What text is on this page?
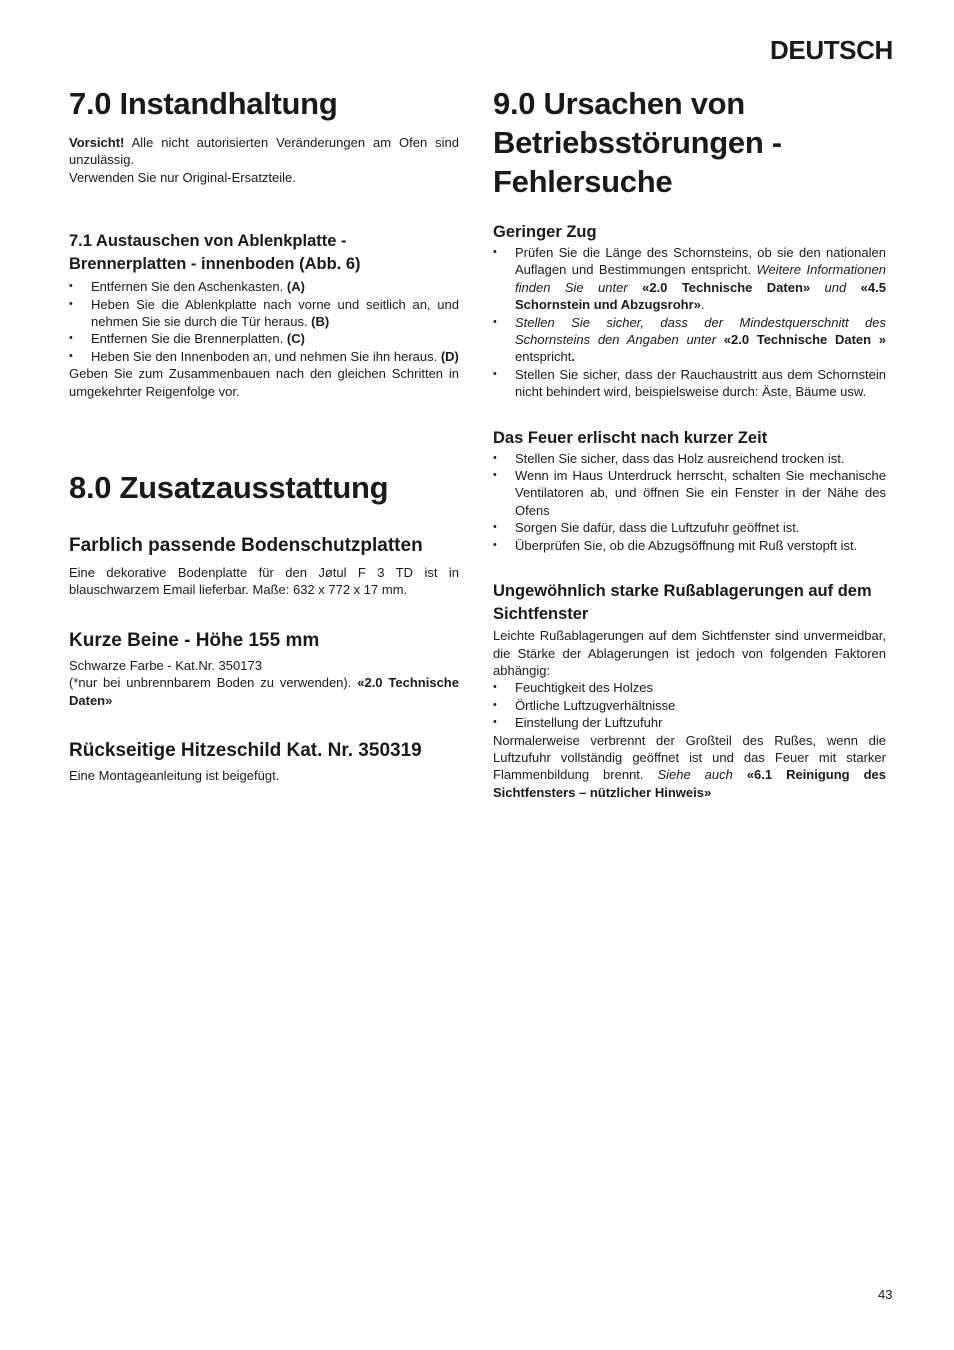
DEUTSCH
7.0 Instandhaltung

Vorsicht! Alle nicht autorisierten Veränderungen am Ofen sind unzulässig.
Verwenden Sie nur Original-Ersatzteile.

7.1 Austauschen von Ablenkplatte - Brennerplatten - innenboden (Abb. 6)
• Entfernen Sie den Aschenkasten. (A)
• Heben Sie die Ablenkplatte nach vorne und seitlich an, und nehmen Sie sie durch die Tür heraus. (B)
• Entfernen Sie die Brennerplatten. (C)
• Heben Sie den Innenboden an, und nehmen Sie ihn heraus. (D)

Geben Sie zum Zusammenbauen nach den gleichen Schritten in umgekehrter Reigenfolge vor.

8.0 Zusatzausstattung
Farblich passende Bodenschutzplatten

Eine dekorative Bodenplatte für den Jøtul F 3 TD ist in blauschwarzem Email lieferbar. Maße: 632 x 772 x 17 mm.

Kurze Beine - Höhe 155 mm

Schwarze Farbe - Kat.Nr. 350173
(*nur bei unbrennbarem Boden zu verwenden). «2.0 Technische Daten»

Rückseitige Hitzeschild Kat. Nr. 350319

Eine Montageanleitung ist beigefügt.

9.0 Ursachen von Betriebsstörungen - Fehlersuche
Geringer Zug
• Prüfen Sie die Länge des Schornsteins, ob sie den nationalen Auflagen und Bestimmungen entspricht. Weitere Informationen finden Sie unter «2.0 Technische Daten» und «4.5 Schornstein und Abzugsrohr».
• Stellen Sie sicher, dass der Mindestquerschnitt des Schornsteins den Angaben unter «2.0 Technische Daten » entspricht.
• Stellen Sie sicher, dass der Rauchaustritt aus dem Schornstein nicht behindert wird, beispielsweise durch: Äste, Bäume usw.
Das Feuer erlischt nach kurzer Zeit
• Stellen Sie sicher, dass das Holz ausreichend trocken ist.
• Wenn im Haus Unterdruck herrscht, schalten Sie mechanische Ventilatoren ab, und öffnen Sie ein Fenster in der Nähe des Ofens
• Sorgen Sie dafür, dass die Luftzufuhr geöffnet ist.
• Überprüfen Sie, ob die Abzugsöffnung mit Ruß verstopft ist.
Ungewöhnlich starke Rußablagerungen auf dem Sichtfenster

Leichte Rußablagerungen auf dem Sichtfenster sind unvermeidbar, die Stärke der Ablagerungen ist jedoch von folgenden Faktoren abhängig:

• Feuchtigkeit des Holzes
• Örtliche Luftzugverhältnisse
• Einstellung der Luftzufuhr

Normalerweise verbrennt der Großteil des Rußes, wenn die Luftzufuhr vollständig geöffnet ist und das Feuer mit starker Flammenbildung brennt. Siehe auch «6.1 Reinigung des Sichtfensters – nützlicher Hinweis»

43
